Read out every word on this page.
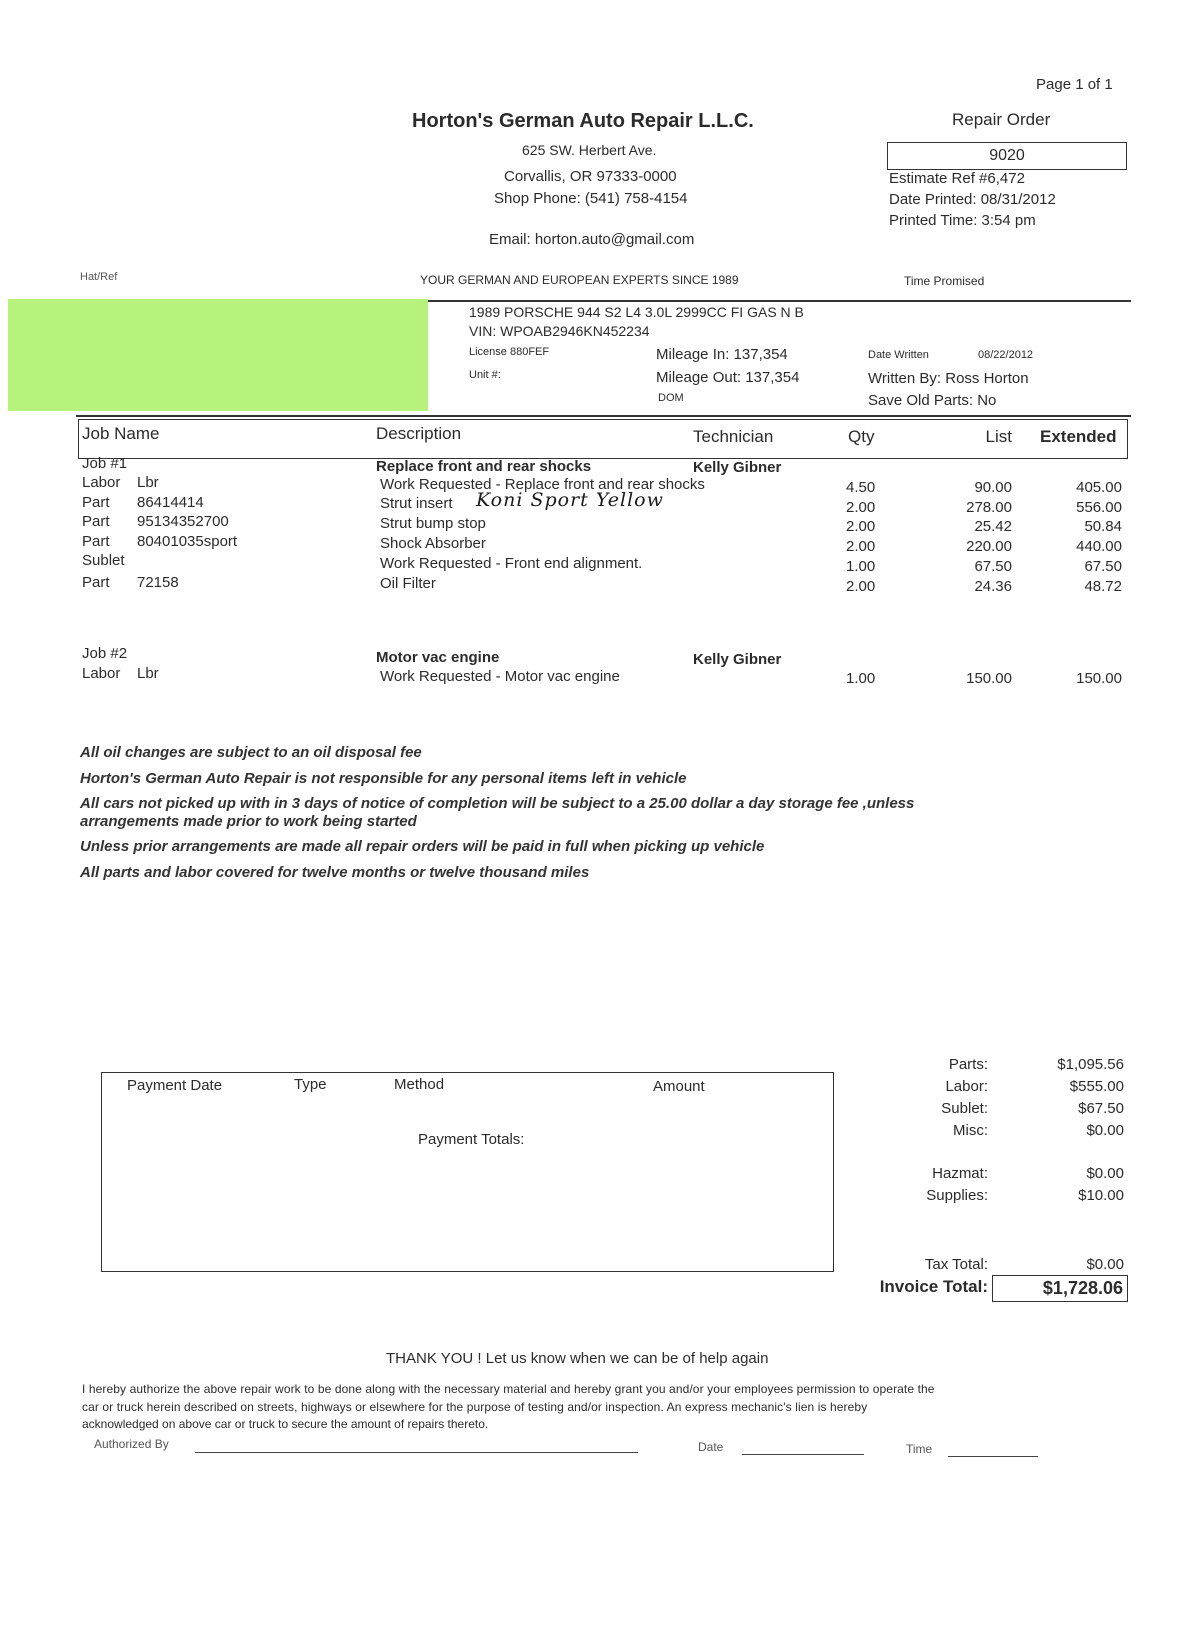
Page 1 of 1
Horton's German Auto Repair L.L.C.
625 SW. Herbert Ave.
Corvallis, OR 97333-0000
Shop Phone: (541) 758-4154
Email: horton.auto@gmail.com
Repair Order
9020
Estimate Ref #6,472
Date Printed: 08/31/2012
Printed Time: 3:54 pm
Hat/Ref	YOUR GERMAN AND EUROPEAN EXPERTS SINCE 1989	Time Promised
1989 PORSCHE 944 S2 L4 3.0L 2999CC FI GAS N B
VIN: WPOAB2946KN452234
License 880FEF
Unit #:
Mileage In: 137,354
Mileage Out: 137,354
DOM
Date Written	08/22/2012
Written By: Ross Horton
Save Old Parts: No
Job Name	Description	Technician	Qty	List Extended
Job #1	Replace front and rear shocks	Kelly Gibner
Labor Lbr	Work Requested - Replace front and rear shocks	4.50	90.00	405.00
Part 86414414	Strut insert	2.00	278.00	556.00
Koni Sport Yellow
Part 95134352700	Strut bump stop	2.00	25.42	50.84
Part 80401035sport	Shock Absorber	2.00	220.00	440.00
Sublet	Work Requested - Front end alignment.	1.00	67.50	67.50
Part 72158	Oil Filter	2.00	24.36	48.72
Job #2	Motor vac engine	Kelly Gibner
Labor Lbr	Work Requested - Motor vac engine	1.00	150.00	150.00
All oil changes are subject to an oil disposal fee
Horton's German Auto Repair is not responsible for any personal items left in vehicle
All cars not picked up with in 3 days of notice of completion will be subject to a 25.00 dollar a day storage fee ,unless
arrangements made prior to work being started
Unless prior arrangements are made all repair orders will be paid in full when picking up vehicle
All parts and labor covered for twelve months or twelve thousand miles
Payment Date	Type	Method	Amount
Payment Totals:
Parts:	$1,095.56
Labor:	$555.00
Sublet:	$67.50
Misc:	$0.00
Hazmat:	$0.00
Supplies:	$10.00
Tax Total:	$0.00
Invoice Total:	$1,728.06
THANK YOU ! Let us know when we can be of help again
I hereby authorize the above repair work to be done along with the necessary material and hereby grant you and/or your employees permission to operate the
car or truck herein described on streets, highways or elsewhere for the purpose of testing and/or inspection. An express mechanic's lien is hereby
acknowledged on above car or truck to secure the amount of repairs thereto.
Authorized By	Date	Time
